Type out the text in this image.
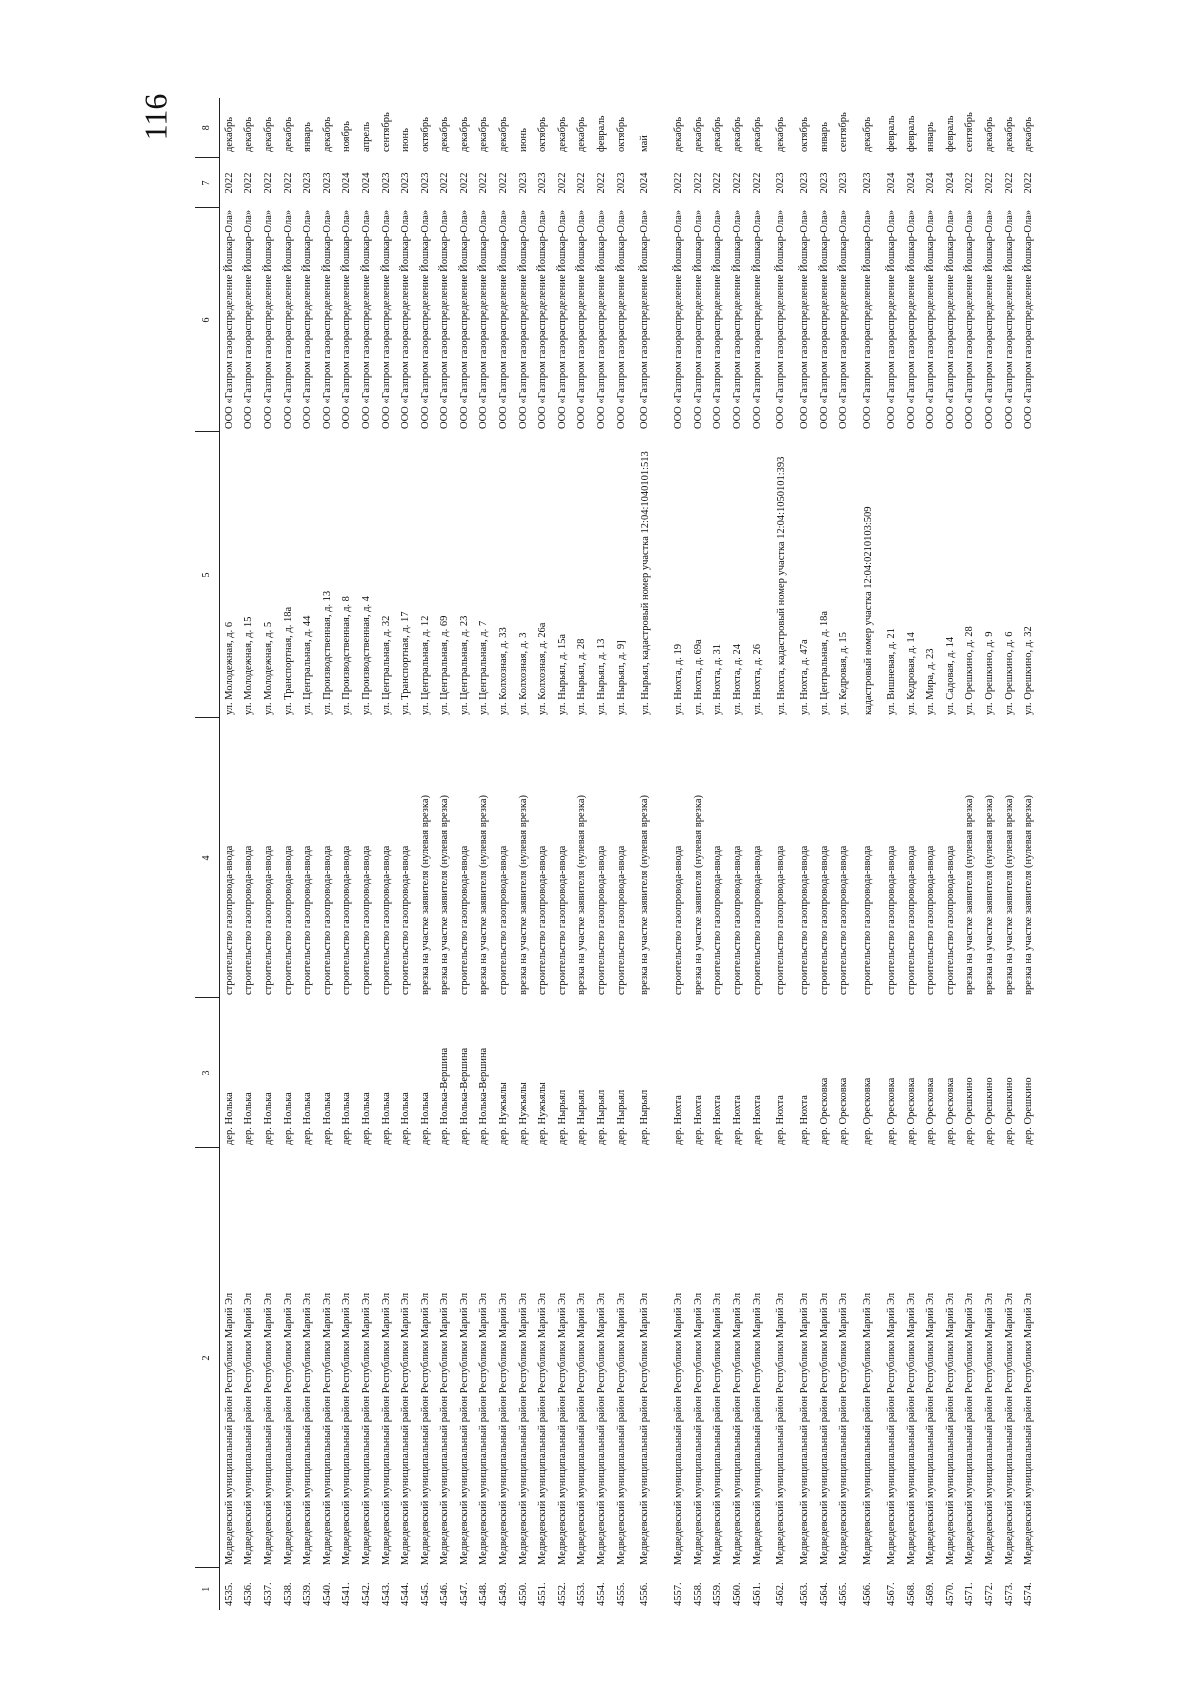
116
1	2	3	4	5	6	7	8
4535.	Медведевский муниципальный район Республики Марий Эл	дер. Нолька	строительство газопровода-ввода	ул. Молодежная, д. 6	ООО «Газпром газораспределение Йошкар-Ола»	2022	декабрь
4536.	Медведевский муниципальный район Республики Марий Эл	дер. Нолька	строительство газопровода-ввода	ул. Молодежная, д. 15	ООО «Газпром газораспределение Йошкар-Ола»	2022	декабрь
4537.	Медведевский муниципальный район Республики Марий Эл	дер. Нолька	строительство газопровода-ввода	ул. Молодежная, д. 5	ООО «Газпром газораспределение Йошкар-Ола»	2022	декабрь
4538.	Медведевский муниципальный район Республики Марий Эл	дер. Нолька	строительство газопровода-ввода	ул. Транспортная, д. 18а	ООО «Газпром газораспределение Йошкар-Ола»	2022	декабрь
4539.	Медведевский муниципальный район Республики Марий Эл	дер. Нолька	строительство газопровода-ввода	ул. Центральная, д. 44	ООО «Газпром газораспределение Йошкар-Ола»	2023	январь
4540.	Медведевский муниципальный район Республики Марий Эл	дер. Нолька	строительство газопровода-ввода	ул. Производственная, д. 13	ООО «Газпром газораспределение Йошкар-Ола»	2023	декабрь
4541.	Медведевский муниципальный район Республики Марий Эл	дер. Нолька	строительство газопровода-ввода	ул. Производственная, д. 8	ООО «Газпром газораспределение Йошкар-Ола»	2024	ноябрь
4542.	Медведевский муниципальный район Республики Марий Эл	дер. Нолька	строительство газопровода-ввода	ул. Производственная, д. 4	ООО «Газпром газораспределение Йошкар-Ола»	2024	апрель
4543.	Медведевский муниципальный район Республики Марий Эл	дер. Нолька	строительство газопровода-ввода	ул. Центральная, д. 32	ООО «Газпром газораспределение Йошкар-Ола»	2023	сентябрь
4544.	Медведевский муниципальный район Республики Марий Эл	дер. Нолька	строительство газопровода-ввода	ул. Транспортная, д. 17	ООО «Газпром газораспределение Йошкар-Ола»	2023	июнь
4545.	Медведевский муниципальный район Республики Марий Эл	дер. Нолька	врезка на участке заявителя (нулевая врезка)	ул. Центральная, д. 12	ООО «Газпром газораспределение Йошкар-Ола»	2023	октябрь
4546.	Медведевский муниципальный район Республики Марий Эл	дер. Нолька-Вершина	врезка на участке заявителя (нулевая врезка)	ул. Центральная, д. 69	ООО «Газпром газораспределение Йошкар-Ола»	2022	декабрь
4547.	Медведевский муниципальный район Республики Марий Эл	дер. Нолька-Вершина	строительство газопровода-ввода	ул. Центральная, д. 23	ООО «Газпром газораспределение Йошкар-Ола»	2022	декабрь
4548.	Медведевский муниципальный район Республики Марий Эл	дер. Нолька-Вершина	врезка на участке заявителя (нулевая врезка)	ул. Центральная, д. 7	ООО «Газпром газораспределение Йошкар-Ола»	2022	декабрь
4549.	Медведевский муниципальный район Республики Марий Эл	дер. Нужъялы	строительство газопровода-ввода	ул. Колхозная, д. 33	ООО «Газпром газораспределение Йошкар-Ола»	2022	декабрь
4550.	Медведевский муниципальный район Республики Марий Эл	дер. Нужъялы	врезка на участке заявителя (нулевая врезка)	ул. Колхозная, д. 3	ООО «Газпром газораспределение Йошкар-Ола»	2023	июнь
4551.	Медведевский муниципальный район Республики Марий Эл	дер. Нужъялы	строительство газопровода-ввода	ул. Колхозная, д. 26а	ООО «Газпром газораспределение Йошкар-Ола»	2023	октябрь
4552.	Медведевский муниципальный район Республики Марий Эл	дер. Нырьял	строительство газопровода-ввода	ул. Нырьял, д. 15а	ООО «Газпром газораспределение Йошкар-Ола»	2022	декабрь
4553.	Медведевский муниципальный район Республики Марий Эл	дер. Нырьял	врезка на участке заявителя (нулевая врезка)	ул. Нырьял, д. 28	ООО «Газпром газораспределение Йошкар-Ола»	2022	декабрь
4554.	Медведевский муниципальный район Республики Марий Эл	дер. Нырьял	строительство газопровода-ввода	ул. Нырьял, д. 13	ООО «Газпром газораспределение Йошкар-Ола»	2022	февраль
4555.	Медведевский муниципальный район Республики Марий Эл	дер. Нырьял	строительство газопровода-ввода	ул. Нырьял, д. 9]	ООО «Газпром газораспределение Йошкар-Ола»	2023	октябрь
4556.	Медведевский муниципальный район Республики Марий Эл	дер. Нырьял	врезка на участке заявителя (нулевая врезка)	ул. Нырьял, кадастровый номер участка 12:04:1040101:513	ООО «Газпром газораспределение Йошкар-Ола»	2024	май

4557.	Медведевский муниципальный район Республики Марий Эл	дер. Нюхта	строительство газопровода-ввода	ул. Нюхта, д. 19	ООО «Газпром газораспределение Йошкар-Ола»	2022	декабрь
4558.	Медведевский муниципальный район Республики Марий Эл	дер. Нюхта	врезка на участке заявителя (нулевая врезка)	ул. Нюхта, д. 69а	ООО «Газпром газораспределение Йошкар-Ола»	2022	декабрь
4559.	Медведевский муниципальный район Республики Марий Эл	дер. Нюхта	строительство газопровода-ввода	ул. Нюхта, д. 31	ООО «Газпром газораспределение Йошкар-Ола»	2022	декабрь
4560.	Медведевский муниципальный район Республики Марий Эл	дер. Нюхта	строительство газопровода-ввода	ул. Нюхта, д. 24	ООО «Газпром газораспределение Йошкар-Ола»	2022	декабрь
4561.	Медведевский муниципальный район Республики Марий Эл	дер. Нюхта	строительство газопровода-ввода	ул. Нюхта, д. 26	ООО «Газпром газораспределение Йошкар-Ола»	2022	декабрь
4562.	Медведевский муниципальный район Республики Марий Эл	дер. Нюхта	строительство газопровода-ввода	ул. Нюхта, кадастровый номер участка 12:04:1050101:393	ООО «Газпром газораспределение Йошкар-Ола»	2023	декабрь
4563.	Медведевский муниципальный район Республики Марий Эл	дер. Нюхта	строительство газопровода-ввода	ул. Нюхта, д. 47а	ООО «Газпром газораспределение Йошкар-Ола»	2023	октябрь
4564.	Медведевский муниципальный район Республики Марий Эл	дер. Оресковка	строительство газопровода-ввода	ул. Центральная, д. 18а	ООО «Газпром газораспределение Йошкар-Ола»	2023	январь
4565.	Медведевский муниципальный район Республики Марий Эл	дер. Оресковка	строительство газопровода-ввода	ул. Кедровая, д. 15	ООО «Газпром газораспределение Йошкар-Ола»	2023	сентябрь
4566.	Медведевский муниципальный район Республики Марий Эл	дер. Оресковка	строительство газопровода-ввода	кадастровый номер участка 12:04:0210103:509	ООО «Газпром газораспределение Йошкар-Ола»	2023	декабрь
4567.	Медведевский муниципальный район Республики Марий Эл	дер. Оресковка	строительство газопровода-ввода	ул. Вишневая, д. 21	ООО «Газпром газораспределение Йошкар-Ола»	2024	февраль
4568.	Медведевский муниципальный район Республики Марий Эл	дер. Оресковка	строительство газопровода-ввода	ул. Кедровая, д. 14	ООО «Газпром газораспределение Йошкар-Ола»	2024	февраль
4569.	Медведевский муниципальный район Республики Марий Эл	дер. Оресковка	строительство газопровода-ввода	ул. Мира, д. 23	ООО «Газпром газораспределение Йошкар-Ола»	2024	январь
4570.	Медведевский муниципальный район Республики Марий Эл	дер. Оресковка	строительство газопровода-ввода	ул. Садовая, д. 14	ООО «Газпром газораспределение Йошкар-Ола»	2024	февраль
4571.	Медведевский муниципальный район Республики Марий Эл	дер. Орешкино	врезка на участке заявителя (нулевая врезка)	ул. Орешкино, д. 28	ООО «Газпром газораспределение Йошкар-Ола»	2022	сентябрь
4572.	Медведевский муниципальный район Республики Марий Эл	дер. Орешкино	врезка на участке заявителя (нулевая врезка)	ул. Орешкино, д. 9	ООО «Газпром газораспределение Йошкар-Ола»	2022	декабрь
4573.	Медведевский муниципальный район Республики Марий Эл	дер. Орешкино	врезка на участке заявителя (нулевая врезка)	ул. Орешкино, д. 6	ООО «Газпром газораспределение Йошкар-Ола»	2022	декабрь
4574.	Медведевский муниципальный район Республики Марий Эл	дер. Орешкино	врезка на участке заявителя (нулевая врезка)	ул. Орешкино, д. 32	ООО «Газпром газораспределение Йошкар-Ола»	2022	декабрь
